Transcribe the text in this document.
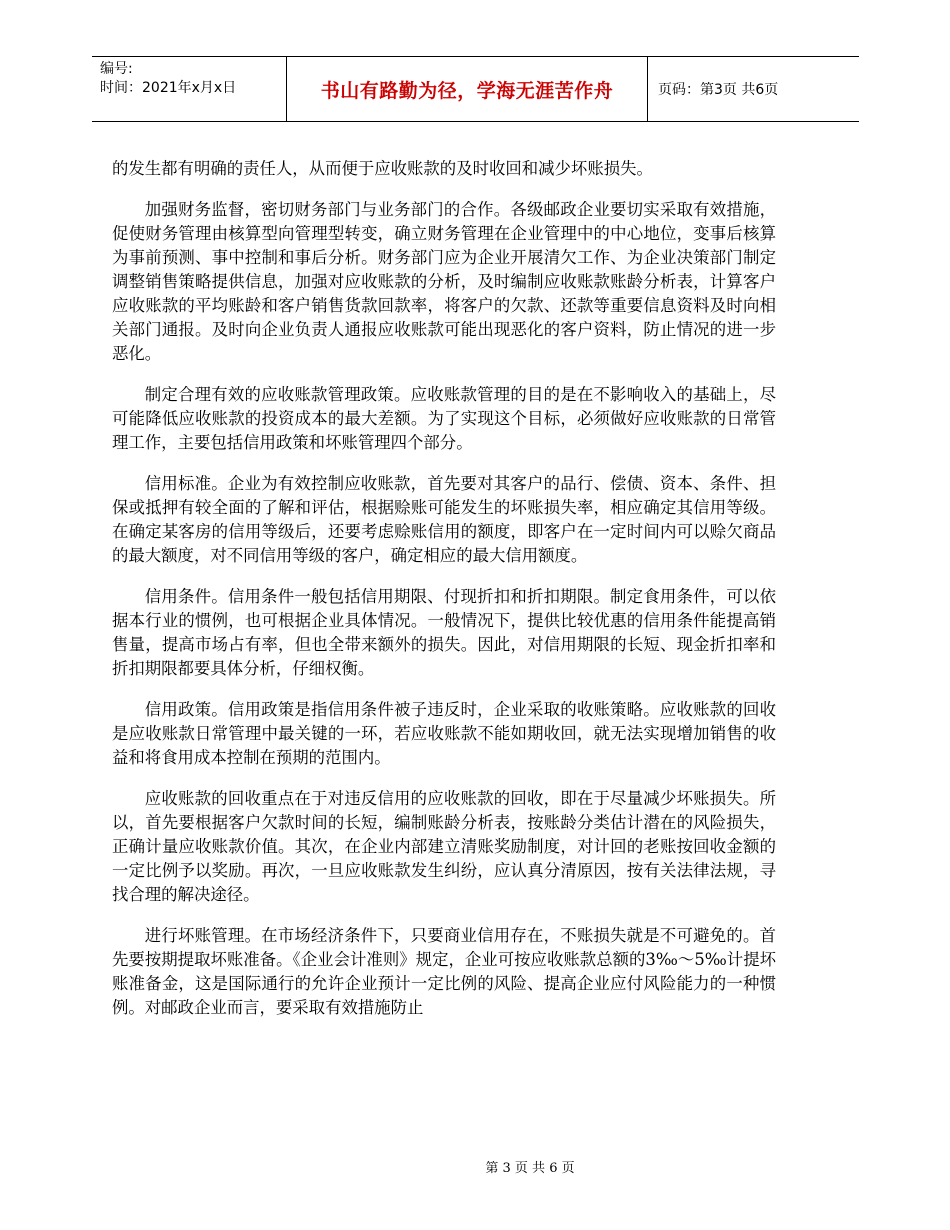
编号:
时间：2021年x月x日	书山有路勤为径，学海无涯苦作舟	页码：第3页 共6页

的发生都有明确的责任人，从而便于应收账款的及时收回和减少坏账损失。

加强财务监督，密切财务部门与业务部门的合作。各级邮政企业要切实采取有效措施，促使财务管理由核算型向管理型转变，确立财务管理在企业管理中的中心地位，变事后核算为事前预测、事中控制和事后分析。财务部门应为企业开展清欠工作、为企业决策部门制定调整销售策略提供信息，加强对应收账款的分析，及时编制应收账款账龄分析表，计算客户应收账款的平均账龄和客户销售货款回款率，将客户的欠款、还款等重要信息资料及时向相关部门通报。及时向企业负责人通报应收账款可能出现恶化的客户资料，防止情况的进一步恶化。

制定合理有效的应收账款管理政策。应收账款管理的目的是在不影响收入的基础上，尽可能降低应收账款的投资成本的最大差额。为了实现这个目标，必须做好应收账款的日常管理工作，主要包括信用政策和坏账管理四个部分。

信用标准。企业为有效控制应收账款，首先要对其客户的品行、偿债、资本、条件、担保或抵押有较全面的了解和评估，根据赊账可能发生的坏账损失率，相应确定其信用等级。在确定某客房的信用等级后，还要考虑赊账信用的额度，即客户在一定时间内可以赊欠商品的最大额度，对不同信用等级的客户，确定相应的最大信用额度。

信用条件。信用条件一般包括信用期限、付现折扣和折扣期限。制定食用条件，可以依据本行业的惯例，也可根据企业具体情况。一般情况下，提供比较优惠的信用条件能提高销售量，提高市场占有率，但也全带来额外的损失。因此，对信用期限的长短、现金折扣率和折扣期限都要具体分析，仔细权衡。

信用政策。信用政策是指信用条件被子违反时，企业采取的收账策略。应收账款的回收是应收账款日常管理中最关键的一环，若应收账款不能如期收回，就无法实现增加销售的收益和将食用成本控制在预期的范围内。

应收账款的回收重点在于对违反信用的应收账款的回收，即在于尽量减少坏账损失。所以，首先要根据客户欠款时间的长短，编制账龄分析表，按账龄分类估计潜在的风险损失，正确计量应收账款价值。其次，在企业内部建立清账奖励制度，对计回的老账按回收金额的一定比例予以奖励。再次，一旦应收账款发生纠纷，应认真分清原因，按有关法律法规，寻找合理的解决途径。

进行坏账管理。在市场经济条件下，只要商业信用存在，不账损失就是不可避免的。首先要按期提取坏账准备。《企业会计准则》规定，企业可按应收账款总额的3‰～5‰计提坏账准备金，这是国际通行的允许企业预计一定比例的风险、提高企业应付风险能力的一种惯例。对邮政企业而言，要采取有效措施防止

第 3 页 共 6 页
